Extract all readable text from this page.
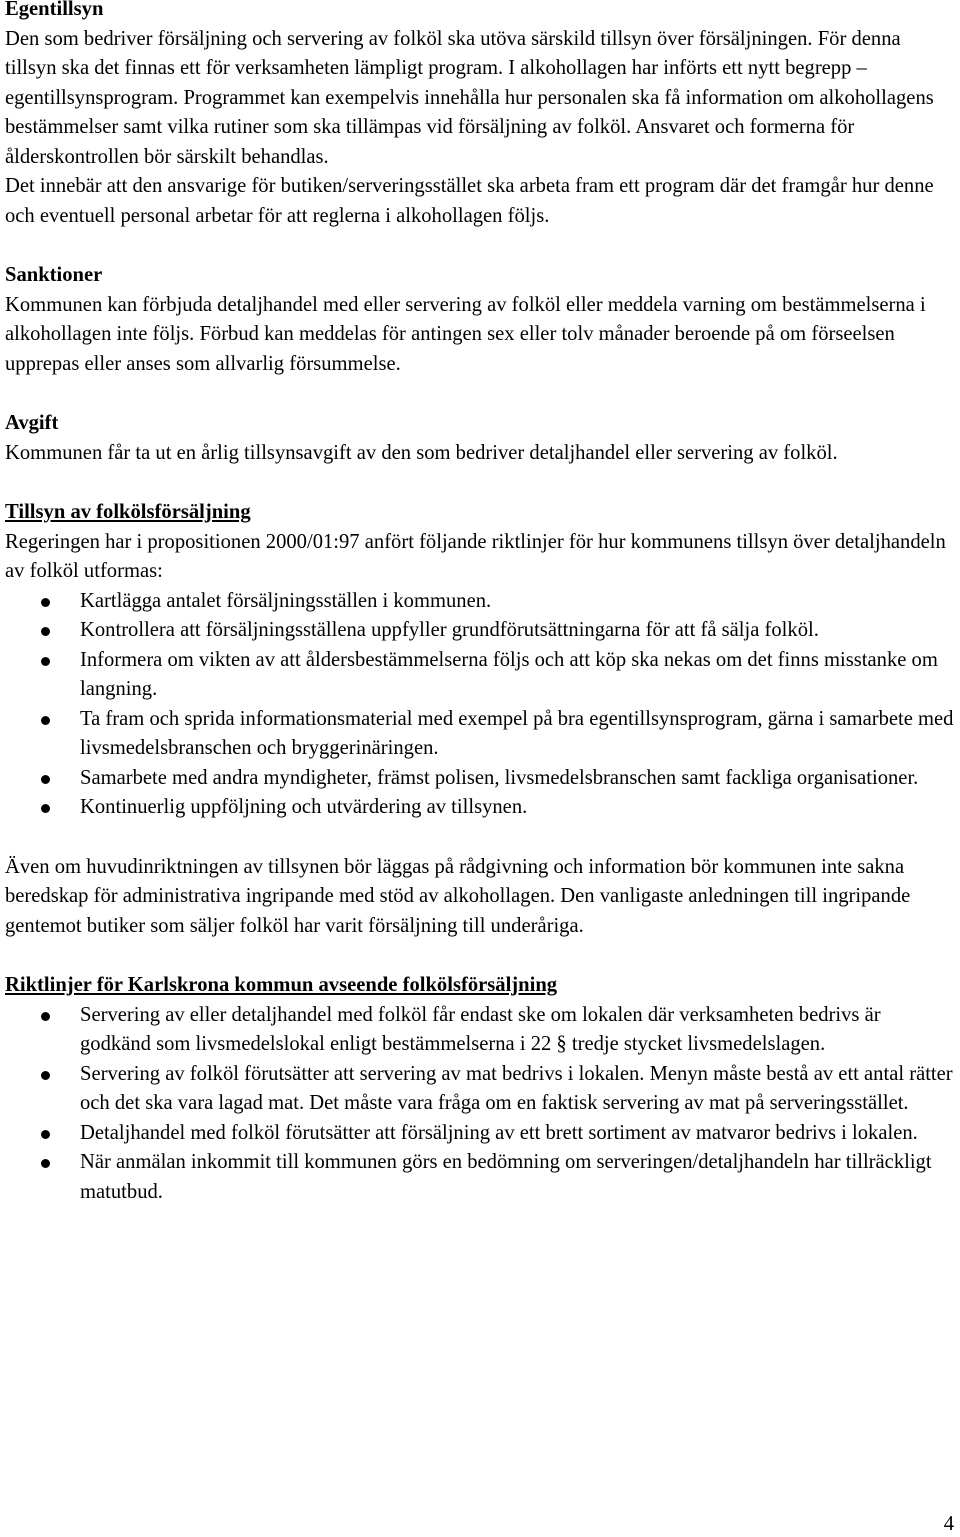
Egentillsyn

Den som bedriver försäljning och servering av folköl ska utöva särskild tillsyn över försäljningen. För denna tillsyn ska det finnas ett för verksamheten lämpligt program. I alkohollagen har införts ett nytt begrepp – egentillsynsprogram. Programmet kan exempelvis innehålla hur personalen ska få information om alkohollagens bestämmelser samt vilka rutiner som ska tillämpas vid försäljning av folköl. Ansvaret och formerna för ålderskontrollen bör särskilt behandlas.

Det innebär att den ansvarige för butiken/serveringsstället ska arbeta fram ett program där det framgår hur denne och eventuell personal arbetar för att reglerna i alkohollagen följs.

Sanktioner

Kommunen kan förbjuda detaljhandel med eller servering av folköl eller meddela varning om bestämmelserna i alkohollagen inte följs. Förbud kan meddelas för antingen sex eller tolv månader beroende på om förseelsen upprepas eller anses som allvarlig försummelse.

Avgift

Kommunen får ta ut en årlig tillsynsavgift av den som bedriver detaljhandel eller servering av folköl.

Tillsyn av folkölsförsäljning

Regeringen har i propositionen 2000/01:97 anfört följande riktlinjer för hur kommunens tillsyn över detaljhandeln av folköl utformas:

Kartlägga antalet försäljningsställen i kommunen.
Kontrollera att försäljningsställena uppfyller grundförutsättningarna för att få sälja folköl.
Informera om vikten av att åldersbestämmelserna följs och att köp ska nekas om det finns misstanke om langning.
Ta fram och sprida informationsmaterial med exempel på bra egentillsynsprogram, gärna i samarbete med livsmedelsbranschen och bryggerinäringen.
Samarbete med andra myndigheter, främst polisen, livsmedelsbranschen samt fackliga organisationer.
Kontinuerlig uppföljning och utvärdering av tillsynen.

Även om huvudinriktningen av tillsynen bör läggas på rådgivning och information bör kommunen inte sakna beredskap för administrativa ingripande med stöd av alkohollagen. Den vanligaste anledningen till ingripande gentemot butiker som säljer folköl har varit försäljning till underåriga.

Riktlinjer för Karlskrona kommun avseende folkölsförsäljning

Servering av eller detaljhandel med folköl får endast ske om lokalen där verksamheten bedrivs är godkänd som livsmedelslokal enligt bestämmelserna i 22 § tredje stycket livsmedelslagen.
Servering av folköl förutsätter att servering av mat bedrivs i lokalen. Menyn måste bestå av ett antal rätter och det ska vara lagad mat. Det måste vara fråga om en faktisk servering av mat på serveringsstället.
Detaljhandel med folköl förutsätter att försäljning av ett brett sortiment av matvaror bedrivs i lokalen.
När anmälan inkommit till kommunen görs en bedömning om serveringen/detaljhandeln har tillräckligt matutbud.
4
